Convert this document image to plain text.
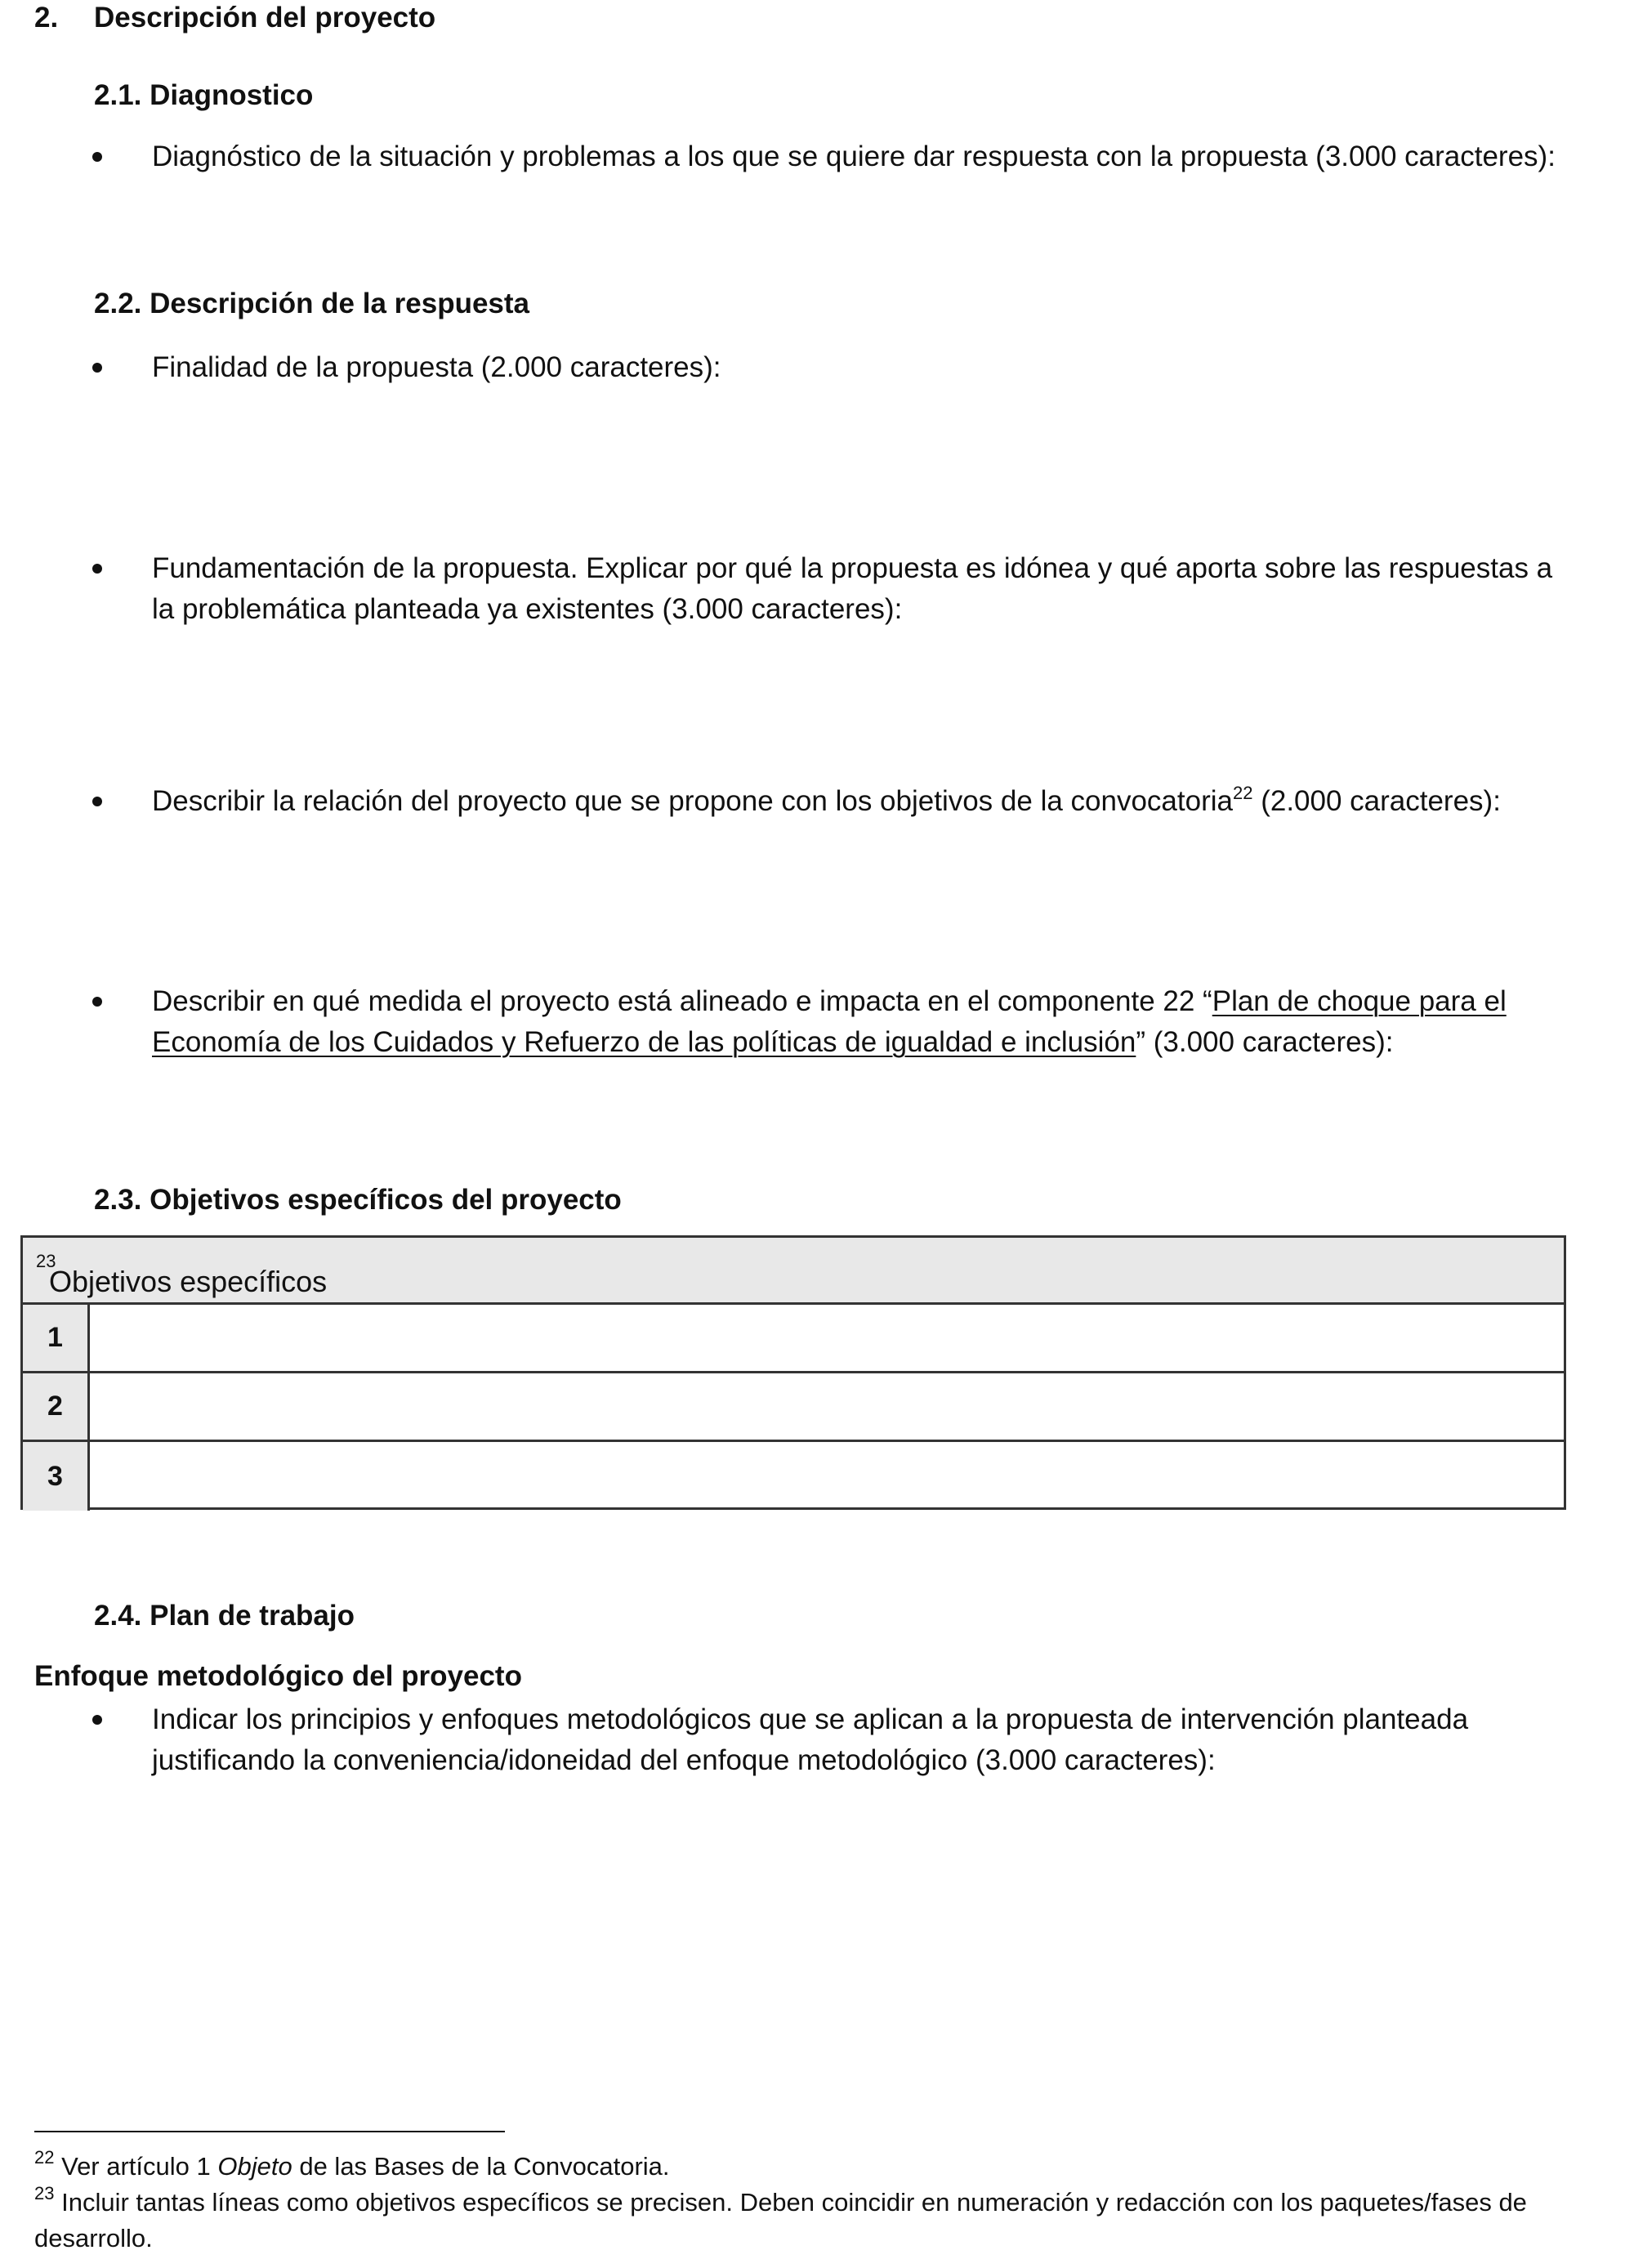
2. Descripción del proyecto

2.1. Diagnostico

Diagnóstico de la situación y problemas a los que se quiere dar respuesta con la propuesta (3.000 caracteres):

2.2. Descripción de la respuesta

Finalidad de la propuesta (2.000 caracteres):

Fundamentación de la propuesta. Explicar por qué la propuesta es idónea y qué aporta sobre las respuestas a

la problemática planteada ya existentes (3.000 caracteres):

Describir la relación del proyecto que se propone con los objetivos de la convocatoria$^{22}$ (2.000 caracteres):

Describir en qué medida el proyecto está alineado e impacta en el componente 22 “Plan de choque para el

Economía de los Cuidados y Refuerzo de las políticas de igualdad e inclusión” (3.000 caracteres):

2.3. Objetivos específicos del proyecto

Objetivos específicos
$^{23}$
1
2
3

2.4. Plan de trabajo

Enfoque metodológico del proyecto

Indicar los principios y enfoques metodológicos que se aplican a la propuesta de intervención planteada

justificando la conveniencia/idoneidad del enfoque metodológico (3.000 caracteres):

$^{22}$ Ver artículo 1 Objeto de las Bases de la Convocatoria.

$^{23}$ Incluir tantas líneas como objetivos específicos se precisen. Deben coincidir en numeración y redacción con los paquetes/fases de

desarrollo.
